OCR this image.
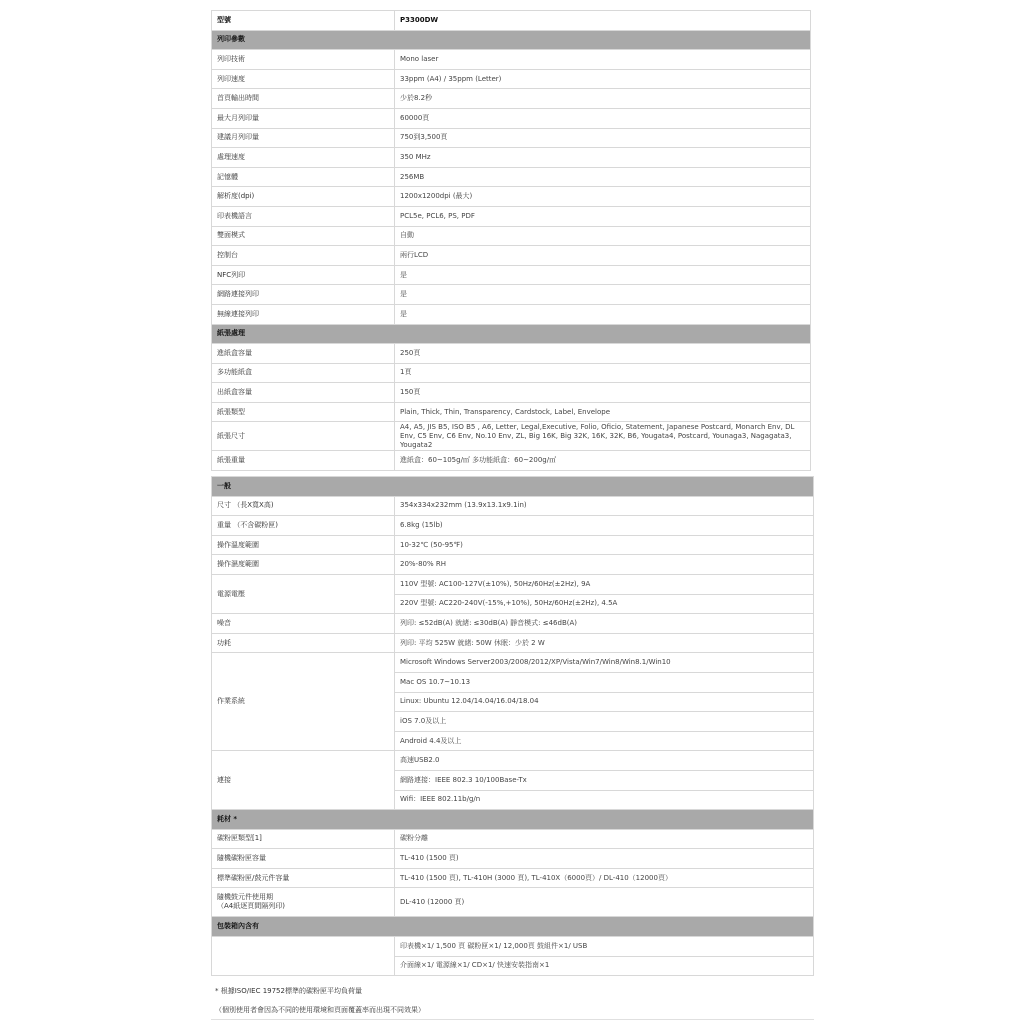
型號	P3300DW
列印參數	
列印技術	Mono laser
列印速度	33ppm (A4) / 35ppm (Letter)
首頁輸出時間	少於8.2秒
最大月列印量	60000頁
建議月列印量	750到3,500頁
處理速度	350 MHz
記憶體	256MB
解析度(dpi)	1200x1200dpi (最大)
印表機語言	PCL5e, PCL6, PS, PDF
雙面模式	自動
控制台	兩行LCD
NFC列印	是
網路連接列印	是
無線連接列印	是
紙張處理	
進紙盒容量	250頁
多功能紙盒	1頁
出紙盒容量	150頁
紙張類型	Plain, Thick, Thin, Transparency, Cardstock, Label, Envelope
紙張尺寸	A4, A5, JIS B5, ISO B5 , A6, Letter, Legal,Executive, Folio, Oficio, Statement, Japanese Postcard, Monarch Env, DL Env, C5 Env, C6 Env, No.10 Env, ZL, Big 16K, Big 32K, 16K, 32K, B6, Yougata4, Postcard, Younaga3, Nagagata3, Yougata2
紙張重量	進紙盒：60~105g/㎡ 多功能紙盒：60~200g/㎡
一般	
尺寸 （長X寬X高)	354x334x232mm (13.9x13.1x9.1in)
重量 （不含碳粉匣)	6.8kg (15lb)
操作溫度範圍	10-32℃ (50-95℉)
操作濕度範圍	20%-80% RH
電源電壓	110V 型號: AC100-127V(±10%), 50Hz/60Hz(±2Hz), 9A
	220V 型號: AC220-240V(-15%,+10%), 50Hz/60Hz(±2Hz), 4.5A
噪音	列印: ≤52dB(A) 就緒: ≤30dB(A) 靜音模式: ≤46dB(A)
功耗	列印: 平均 525W 就緒: 50W 休眠：少於 2 W
作業系統	Microsoft Windows Server2003/2008/2012/XP/Vista/Win7/Win8/Win8.1/Win10
	Mac OS 10.7~10.13
	Linux: Ubuntu 12.04/14.04/16.04/18.04
	iOS 7.0及以上
	Android 4.4及以上
連接	高速USB2.0
	網路連接：IEEE 802.3 10/100Base-Tx
	Wifi：IEEE 802.11b/g/n
耗材 *	
碳粉匣類型[1]	碳粉分離
隨機碳粉匣容量	TL-410 (1500 頁)
標準碳粉匣/鼓元件容量	TL-410 (1500 頁), TL-410H (3000 頁), TL-410X（6000頁）/ DL-410（12000頁）

隨機鼓元件使用期
（A4紙逐頁間隔列印)	DL-410 (12000 頁)
包裝箱內含有	
	印表機×1/ 1,500 頁 碳粉匣×1/ 12,000頁 鼓組件×1/ USB
	介面線×1/ 電源線×1/ CD×1/ 快速安裝指南×1
* 根據ISO/IEC 19752標準的碳粉匣平均負荷量
（個別使用者會因為不同的使用環境和頁面覆蓋率而出現不同效果）
